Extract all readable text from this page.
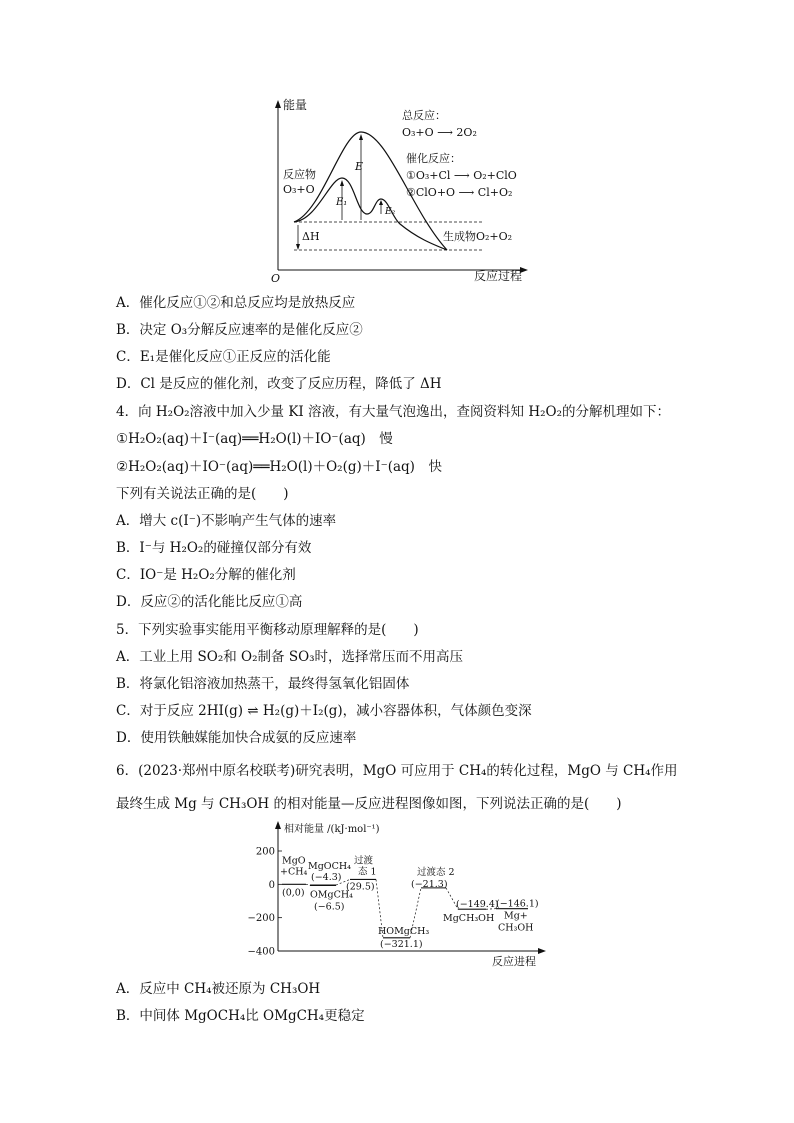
能量
O	反应过程
E
E₁
E₂
ΔH
反应物
O₃+O
生成物O₂+O₂
总反应：
O₃+O ⟶ 2O₂
催化反应：
①O₃+Cl ⟶ O₂+ClO
②ClO+O ⟶ Cl+O₂
A．催化反应①②和总反应均是放热反应
B．决定 O₃分解反应速率的是催化反应②
C．E₁是催化反应①正反应的活化能
D．Cl 是反应的催化剂，改变了反应历程，降低了 ΔH
4．向 H₂O₂溶液中加入少量 KI 溶液，有大量气泡逸出，查阅资料知 H₂O₂的分解机理如下：
①H₂O₂(aq)＋I⁻(aq)══H₂O(l)＋IO⁻(aq)　慢
②H₂O₂(aq)＋IO⁻(aq)══H₂O(l)＋O₂(g)＋I⁻(aq)　快
下列有关说法正确的是(　　)
A．增大 c(I⁻)不影响产生气体的速率
B．I⁻与 H₂O₂的碰撞仅部分有效
C．IO⁻是 H₂O₂分解的催化剂
D．反应②的活化能比反应①高
5．下列实验事实能用平衡移动原理解释的是(　　)
A．工业上用 SO₂和 O₂制备 SO₃时，选择常压而不用高压
B．将氯化铝溶液加热蒸干，最终得氢氧化铝固体
C．对于反应 2HI(g) ⇌ H₂(g)＋I₂(g)，减小容器体积，气体颜色变深
D．使用铁触媒能加快合成氨的反应速率
6．(2023·郑州中原名校联考)研究表明，MgO 可应用于 CH₄的转化过程，MgO 与 CH₄作用
最终生成 Mg 与 CH₃OH 的相对能量—反应进程图像如图，下列说法正确的是(　　)
相对能量 /(kJ·mol⁻¹)
反应进程
200
0
−200
−400
MgO
+CH₄
(0,0)
MgOCH₄
(−4.3)
OMgCH₄
(−6.5)
过渡
态 1
(29.5)
HOMgCH₃
(−321.1)
过渡态 2
(−21.3)
MgCH₃OH
(−149.4)
Mg+
CH₃OH
(−146.1)
A．反应中 CH₄被还原为 CH₃OH
B．中间体 MgOCH₄比 OMgCH₄更稳定
